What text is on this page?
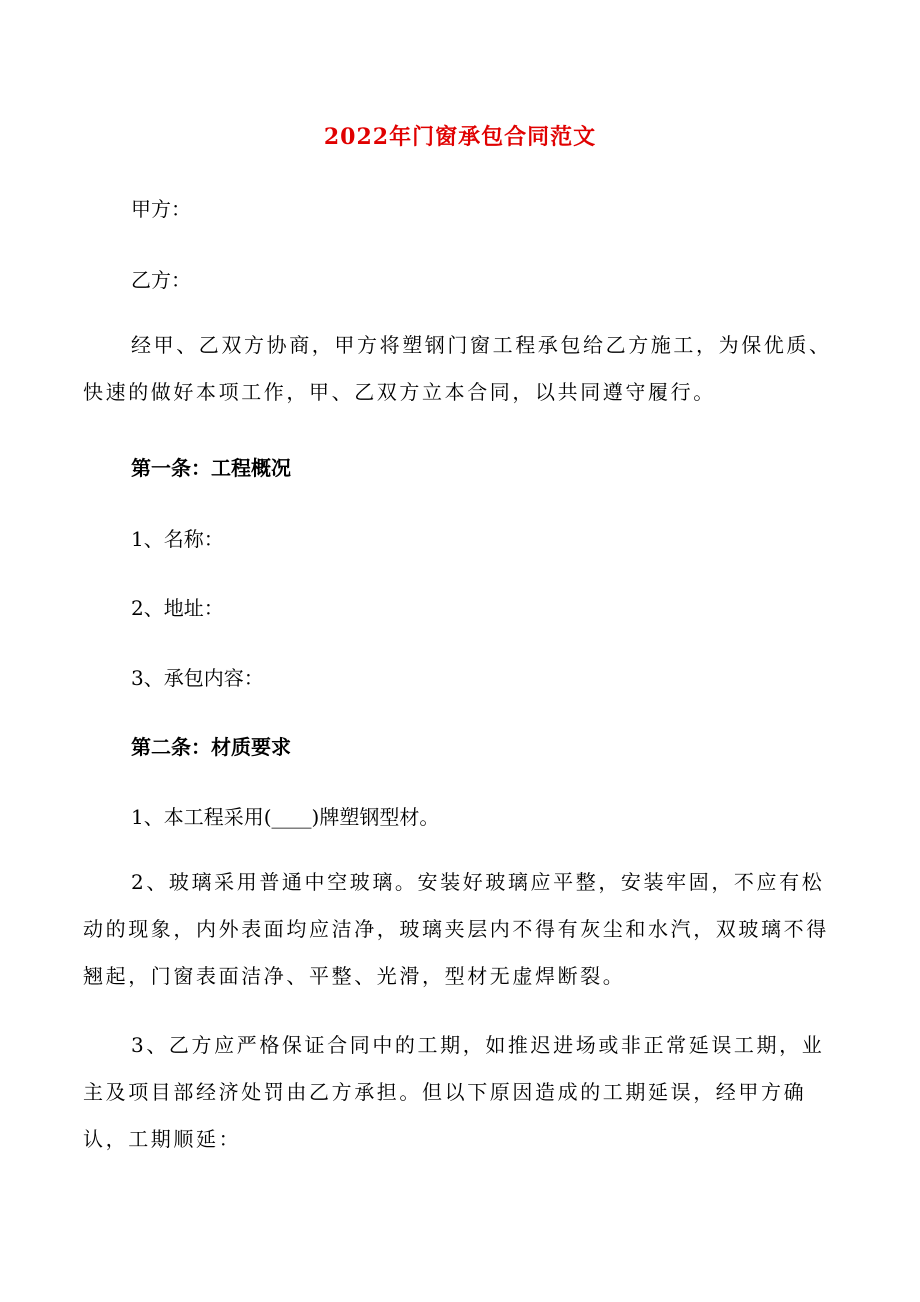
2022年门窗承包合同范文
甲方：
乙方：
经甲、乙双方协商，甲方将塑钢门窗工程承包给乙方施工，为保优质、快速的做好本项工作，甲、乙双方立本合同，以共同遵守履行。
第一条：工程概况
1、名称：
2、地址：
3、承包内容：
第二条：材质要求
1、本工程采用(____)牌塑钢型材。
2、玻璃采用普通中空玻璃。安装好玻璃应平整，安装牢固，不应有松动的现象，内外表面均应洁净，玻璃夹层内不得有灰尘和水汽，双玻璃不得翘起，门窗表面洁净、平整、光滑，型材无虚焊断裂。
3、乙方应严格保证合同中的工期，如推迟进场或非正常延误工期，业主及项目部经济处罚由乙方承担。但以下原因造成的工期延误，经甲方确认，工期顺延：
